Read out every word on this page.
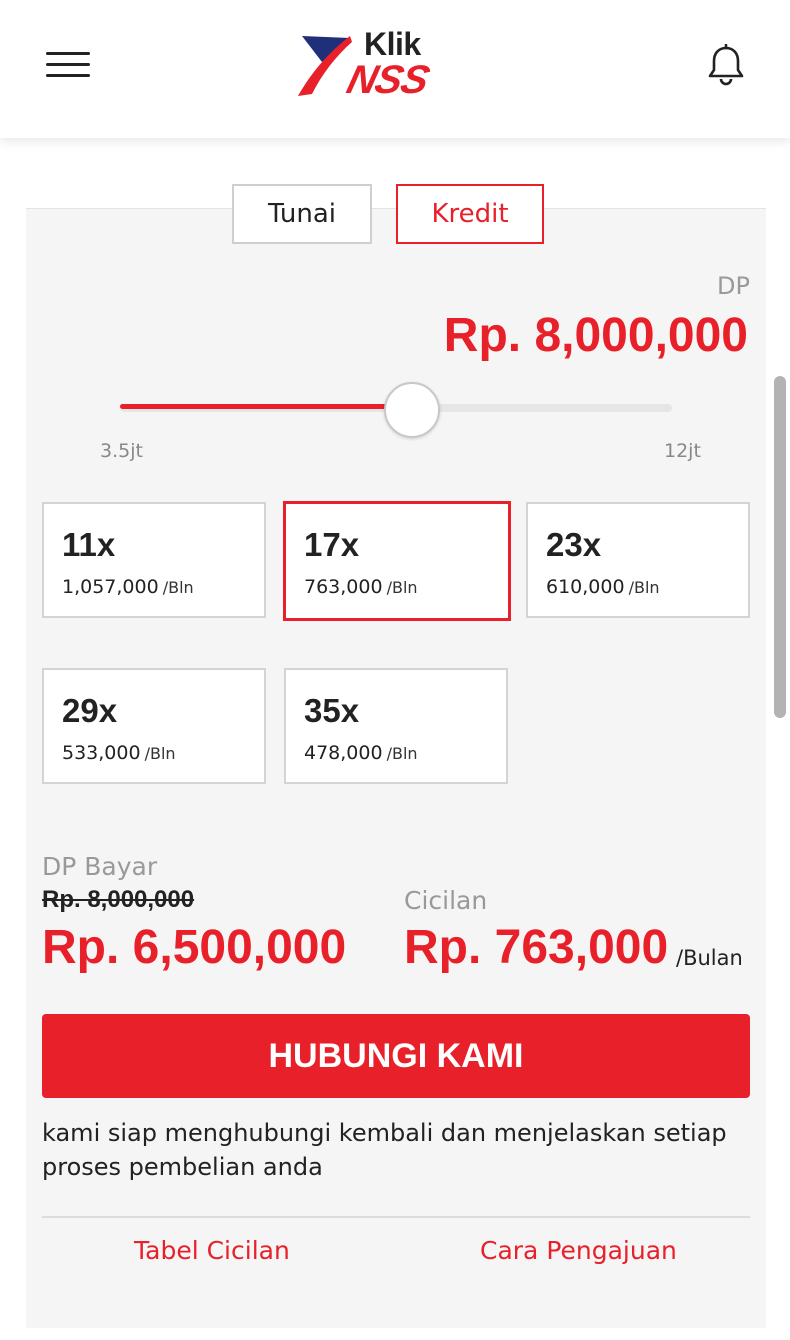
Klik
NSS
Tunai	Kredit
DP
Rp. 8,000,000
3.5jt	12jt
11x
1,057,000 /Bln
17x
763,000 /Bln
23x
610,000 /Bln
29x
533,000 /Bln
35x
478,000 /Bln
DP Bayar
Rp. 8,000,000
Rp. 6,500,000
Cicilan
Rp. 763,000 /Bulan
HUBUNGI KAMI
kami siap menghubungi kembali dan menjelaskan setiap proses pembelian anda
Tabel Cicilan	Cara Pengajuan
